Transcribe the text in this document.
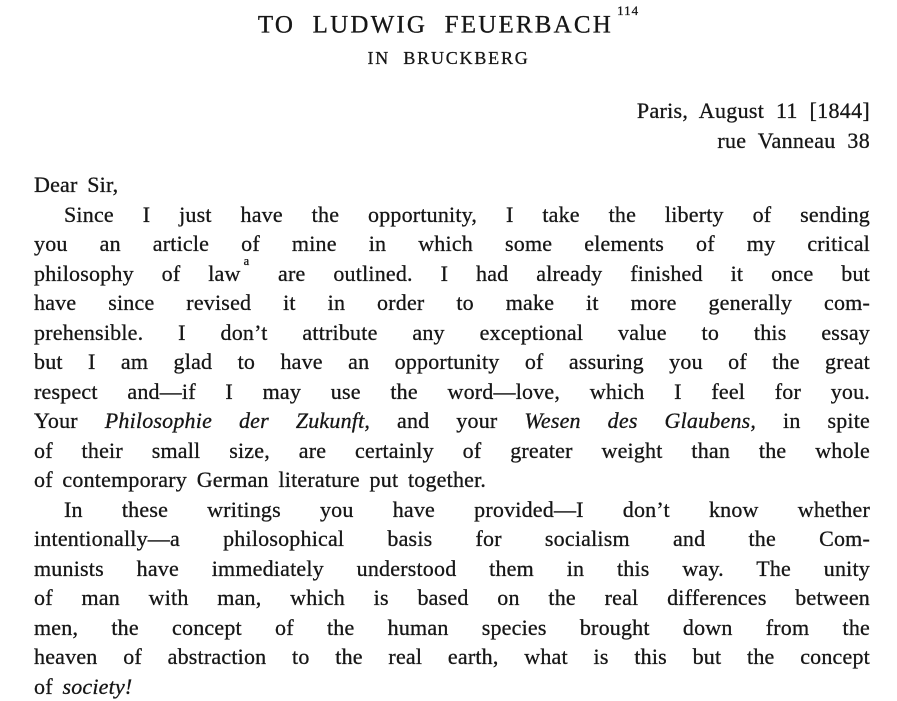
TO LUDWIG FEUERBACH$^{114}$
IN BRUCKBERG
Paris, August 11 [1844]
rue Vanneau 38
Dear Sir,
Since I just have the opportunity, I take the liberty of sending
you an article of mine in which some elements of my critical
philosophy of law $^a$ are outlined. I had already finished it once but
have since revised it in order to make it more generally com-
prehensible. I don’t attribute any exceptional value to this essay
but I am glad to have an opportunity of assuring you of the great
respect and—if I may use the word—love, which I feel for you.
Your Philosophie der Zukunft, and your Wesen des Glaubens, in spite
of their small size, are certainly of greater weight than the whole
of contemporary German literature put together.
In these writings you have provided—I don’t know whether
intentionally—a philosophical basis for socialism and the Com-
munists have immediately understood them in this way. The unity
of man with man, which is based on the real differences between
men, the concept of the human species brought down from the
heaven of abstraction to the real earth, what is this but the concept
of society!
